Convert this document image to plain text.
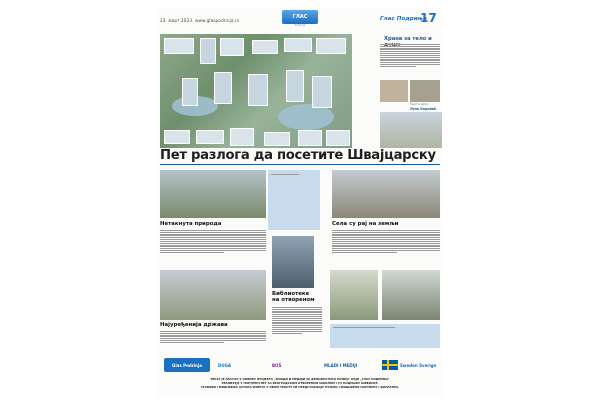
23. март 2023. www.glaspodrinja.rs
ГЛАС
Podrinja
Глас Подриња
17
Храна за тело и
Текст и фото:
Луна Коровић
Пет разлога да посетите Швајцарску
Нетакнута природа	Села су рај на земљи
Библиотеке на отвореном
Нaјуређенија држава
Glas Podrinja	DUGA	BOŠ	MLADI I MEDIJI	Sweden Sverige
ТЕКСТ ЈЕ НАСТАО У ОКВИРУ ПРОЈЕКТА „МЛАДИ И МЕДИЈИ ЗА ДЕМОКРАТСКИ РАЗВОЈ" КОЈИ „ГЛАС ПОДРИЊА"
РЕАЛИЗУЈЕ У ПАРТНЕРСТВУ ЗА БЕОГРАДСКОМ ОТВОРЕНОМ ШКОЛОМ І УЗ ПОДРШКУ ШВЕДСКЕ.
СТАВОВИ І МИШЉЕЊА АУТОРА ИЗНЕТА У ОВОМ ТЕКСТУ НЕ ПРЕДСТАВЉАЈУ НУЖНО І МИШЉЕЊЕ ПАРТНЕРА І ДОНАТОРА.
